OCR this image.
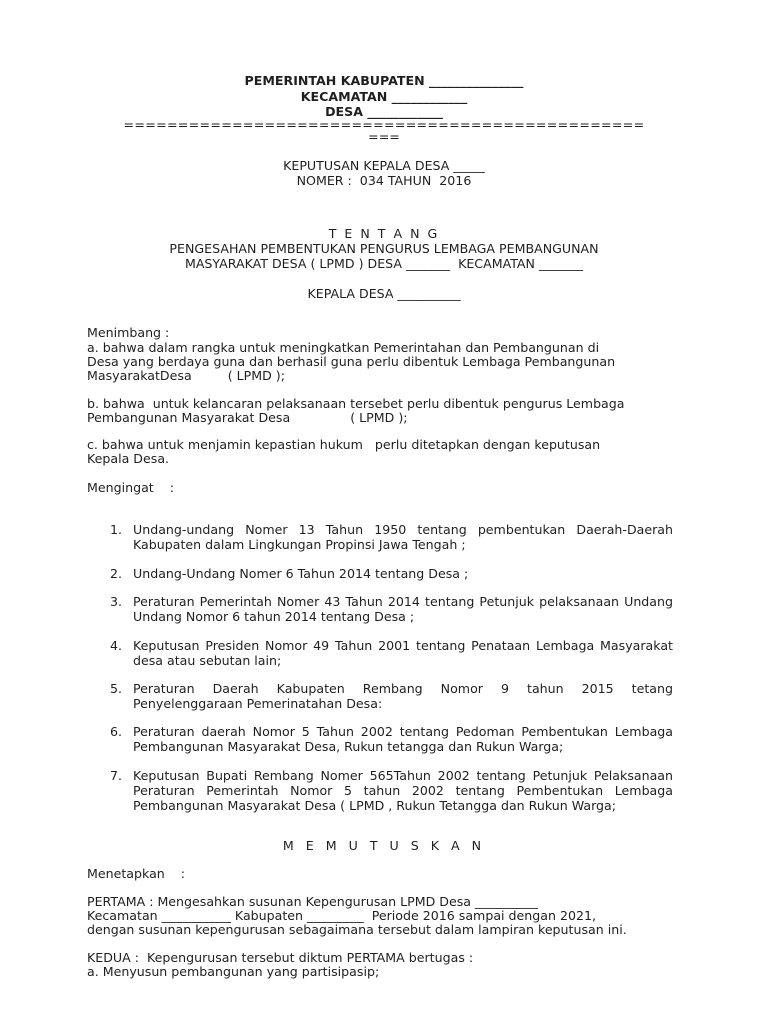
PEMERINTAH KABUPATEN _______________
KECAMATAN ____________
DESA ____________
================================================
===
KEPUTUSAN KEPALA DESA _____
NOMER :  034 TAHUN  2016
T E N T A N G
PENGESAHAN PEMBENTUKAN PENGURUS LEMBAGA PEMBANGUNAN
MASYARAKAT DESA ( LPMD ) DESA _______  KECAMATAN _______
KEPALA DESA __________
Menimbang :
a. bahwa dalam rangka untuk meningkatkan Pemerintahan dan Pembangunan di
Desa yang berdaya guna dan berhasil guna perlu dibentuk Lembaga Pembangunan
MasyarakatDesa         ( LPMD );
b. bahwa  untuk kelancaran pelaksanaan tersebet perlu dibentuk pengurus Lembaga
Pembangunan Masyarakat Desa               ( LPMD );
c. bahwa untuk menjamin kepastian hukum   perlu ditetapkan dengan keputusan
Kepala Desa.
Mengingat    :
1. Undang-undang Nomer 13 Tahun 1950 tentang pembentukan Daerah-Daerah Kabupaten dalam Lingkungan Propinsi Jawa Tengah ;
2. Undang-Undang Nomer 6 Tahun 2014 tentang Desa ;
3. Peraturan Pemerintah Nomer 43 Tahun 2014 tentang Petunjuk pelaksanaan Undang Undang Nomor 6 tahun 2014 tentang Desa ;
4. Keputusan Presiden Nomor 49 Tahun 2001 tentang Penataan Lembaga Masyarakat desa atau sebutan lain;
5. Peraturan Daerah Kabupaten Rembang Nomor 9 tahun 2015 tetang Penyelenggaraan Pemerinatahan Desa:
6. Peraturan daerah Nomor 5 Tahun 2002 tentang Pedoman Pembentukan Lembaga Pembangunan Masyarakat Desa, Rukun tetangga dan Rukun Warga;
7. Keputusan Bupati Rembang Nomer 565Tahun 2002 tentang Petunjuk Pelaksanaan Peraturan Pemerintah Nomor 5 tahun 2002 tentang Pembentukan Lembaga Pembangunan Masyarakat Desa ( LPMD , Rukun Tetangga dan Rukun Warga;
M E M U T U S K A N
Menetapkan    :
PERTAMA : Mengesahkan susunan Kepengurusan LPMD Desa __________
Kecamatan ___________ Kabupaten _________  Periode 2016 sampai dengan 2021,
dengan susunan kepengurusan sebagaimana tersebut dalam lampiran keputusan ini.
KEDUA :  Kepengurusan tersebut diktum PERTAMA bertugas :
a. Menyusun pembangunan yang partisipasip;
